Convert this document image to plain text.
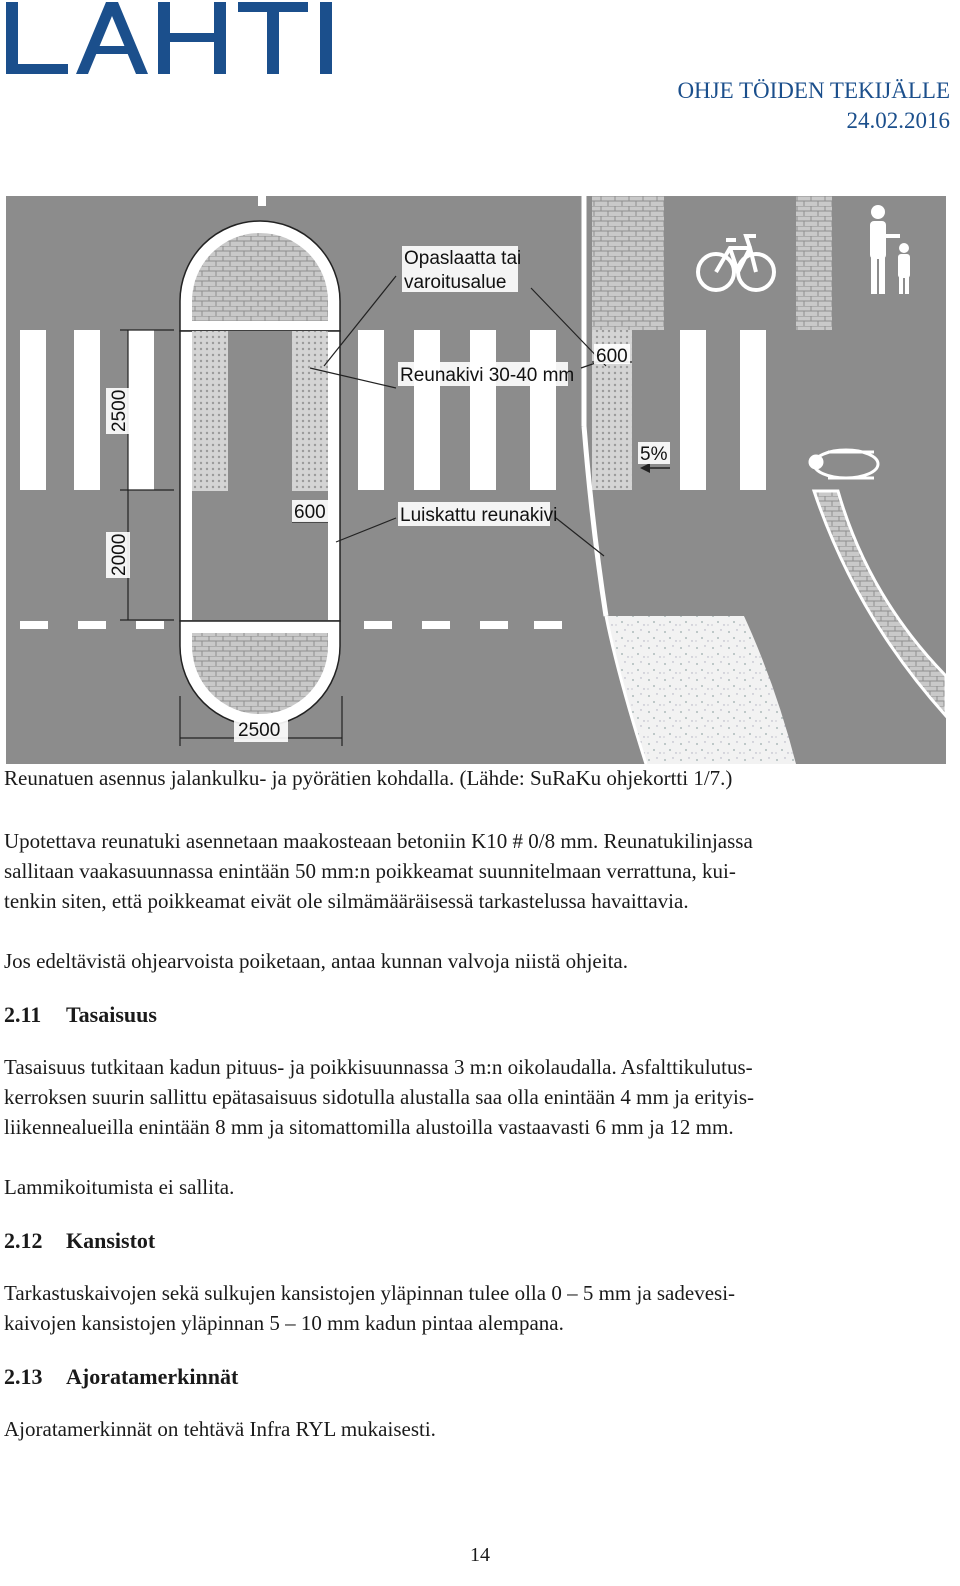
OHJE TÖIDEN TEKIJÄLLE
24.02.2016
Opaslaatta tai
varoitusalue
Reunakivi 30-40 mm
Luiskattu reunakivi
600
600
5%
2500
2500
2000
Reunatuen asennus jalankulku- ja pyörätien kohdalla. (Lähde: SuRaKu ohjekortti 1/7.)

Upotettava reunatuki asennetaan maakosteaan betoniin K10 # 0/8 mm. Reunatukilinjassa
sallitaan vaakasuunnassa enintään 50 mm:n poikkeamat suunnitelmaan verrattuna, kui-
tenkin siten, että poikkeamat eivät ole silmämääräisessä tarkastelussa havaittavia.

Jos edeltävistä ohjearvoista poiketaan, antaa kunnan valvoja niistä ohjeita.

2.11 Tasaisuus

Tasaisuus tutkitaan kadun pituus- ja poikkisuunnassa 3 m:n oikolaudalla. Asfalttikulutus-
kerroksen suurin sallittu epätasaisuus sidotulla alustalla saa olla enintään 4 mm ja erityis-
liikennealueilla enintään 8 mm ja sitomattomilla alustoilla vastaavasti 6 mm ja 12 mm.

Lammikoitumista ei sallita.

2.12 Kansistot

Tarkastuskaivojen sekä sulkujen kansistojen yläpinnan tulee olla 0 – 5 mm ja sadevesi-
kaivojen kansistojen yläpinnan 5 – 10 mm kadun pintaa alempana.

2.13 Ajoratamerkinnät

Ajoratamerkinnät on tehtävä Infra RYL mukaisesti.

14
